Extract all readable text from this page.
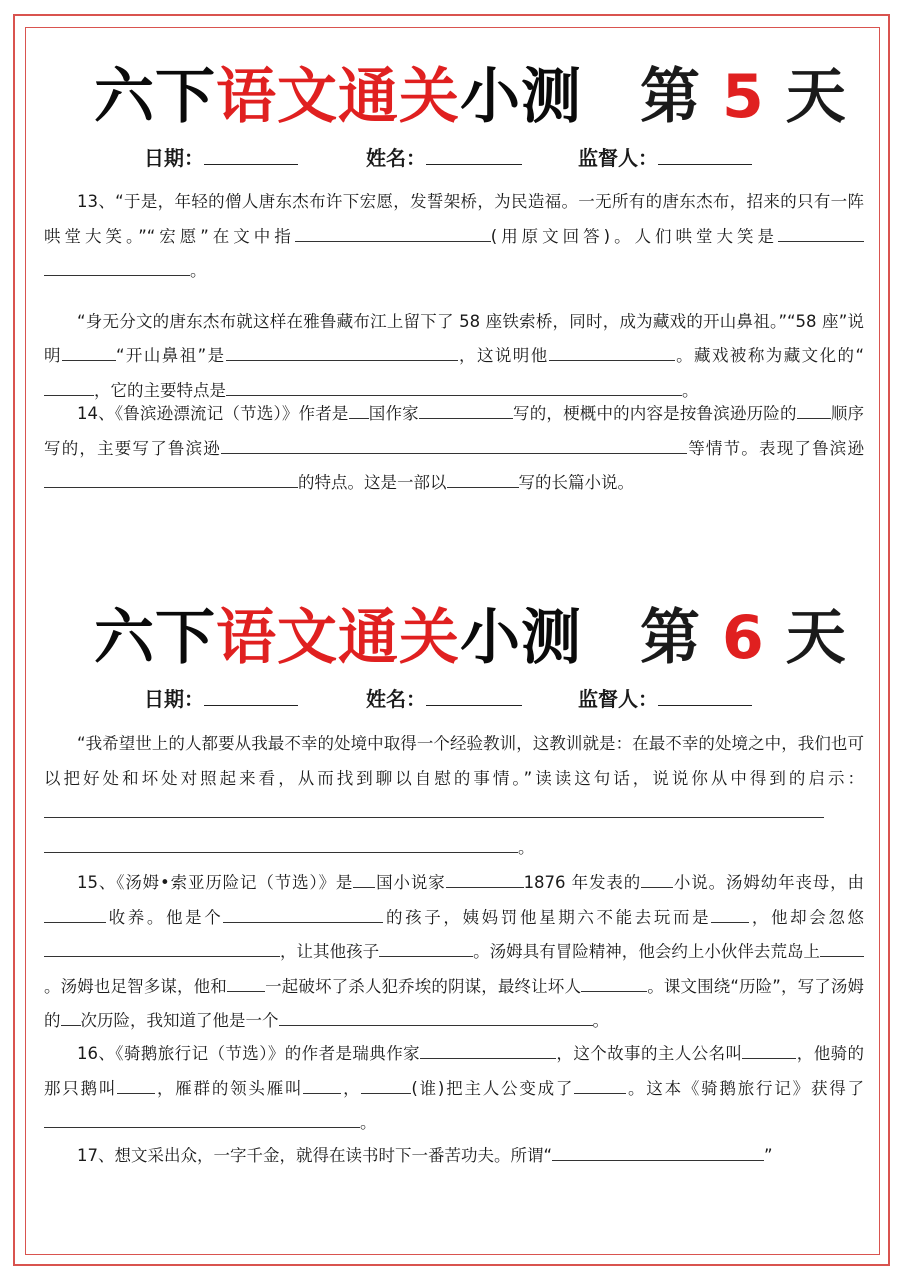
六下语文通关小测 第 5 天
日期：	姓名：	监督人：

13、“于是，年轻的僧人唐东杰布许下宏愿，发誓架桥，为民造福。一无所有的唐东杰布，招来的只有一阵哄堂大笑。”“宏愿”在文中指	(用原文回答)。人们哄堂大笑是。

“身无分文的唐东杰布就这样在雅鲁藏布江上留下了 58 座铁索桥，同时，成为藏戏的开山鼻祖。”“58 座”说明	“开山鼻祖”是	，这说明他	。藏戏被称为藏文化的“，它的主要特点是	。

14、《鲁滨逊漂流记（节选）》作者是 国作家	写的，梗概中的内容是按鲁滨逊历险的 顺序写的，主要写了鲁滨逊	等情节。表现了鲁滨逊的特点。这是一部以	写的长篇小说。

六下语文通关小测 第 6 天
日期：	姓名：	监督人：

“我希望世上的人都要从我最不幸的处境中取得一个经验教训，这教训就是：在最不幸的处境之中，我们也可以把好处和坏处对照起来看，从而找到聊以自慰的事情。”读读这句话，说说你从中得到的启示：。

15、《汤姆•索亚历险记（节选）》是 国小说家	1876 年发表的 小说。汤姆幼年丧母，由收养。他是个	的孩子，姨妈罚他星期六不能去玩而是 ，他却会忽悠，让其他孩子	。汤姆具有冒险精神，他会约上小伙伴去荒岛上。汤姆也足智多谋，他和 一起破坏了杀人犯乔埃的阴谋，最终让坏人	。课文围绕“历险”，写了汤姆的 次历险，我知道了他是一个	。

16、《骑鹅旅行记（节选）》的作者是瑞典作家	，这个故事的主人公名叫	，他骑的那只鹅叫 ，雁群的领头雁叫 ，	(谁)把主人公变成了	。这本《骑鹅旅行记》获得了。

17、想文采出众，一字千金，就得在读书时下一番苦功夫。所谓“	”
